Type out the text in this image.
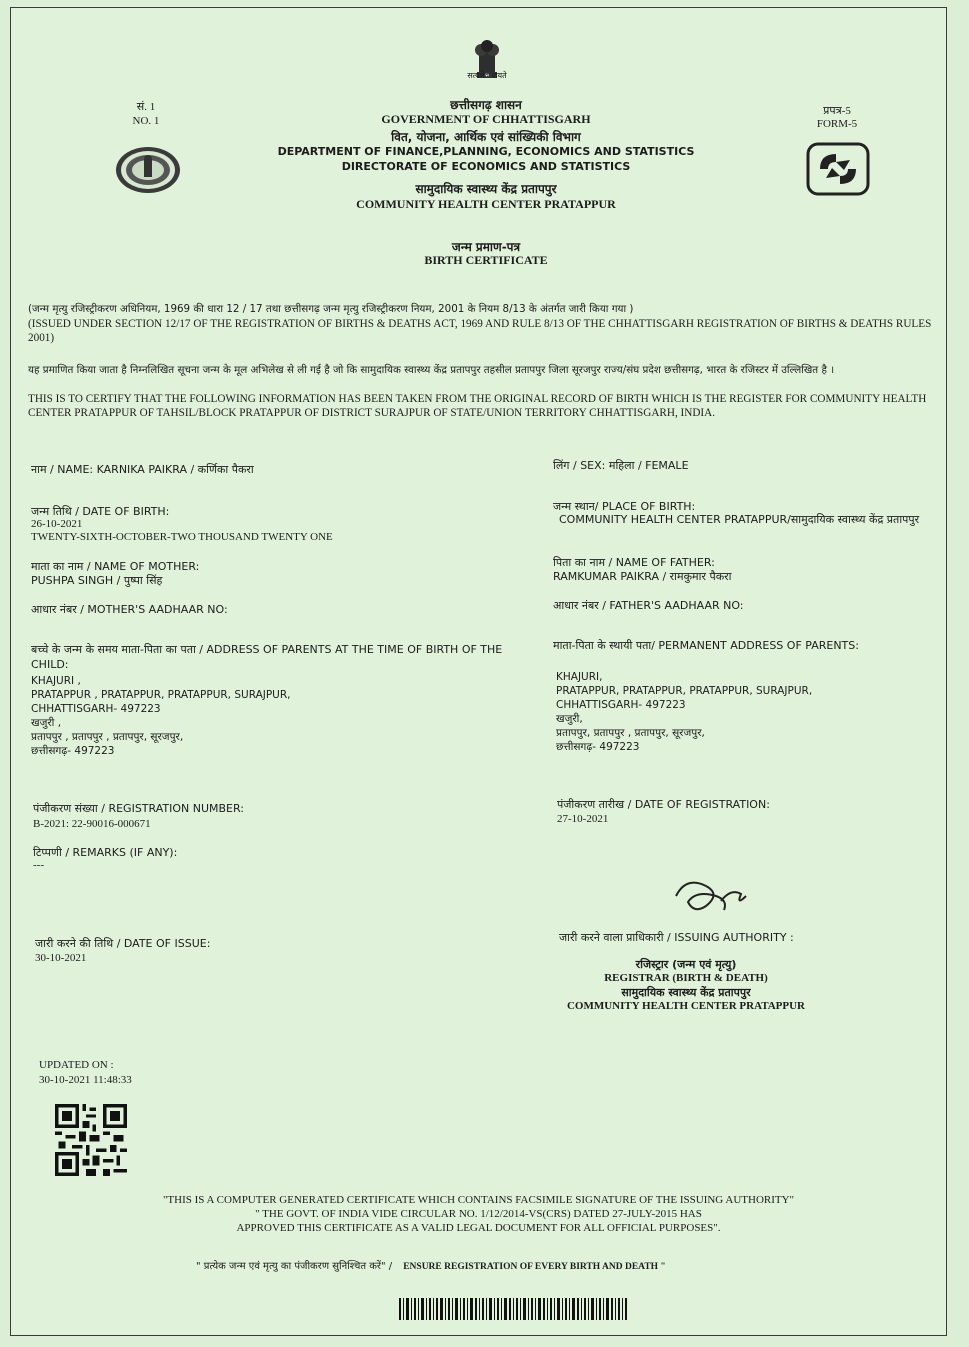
सत्यमेव जयते
सं. 1
NO. 1
प्रपत्र-5
FORM-5
छत्तीसगढ़ शासन
GOVERNMENT OF CHHATTISGARH
वित, योजना, आर्थिक एवं सांख्यिकी विभाग
DEPARTMENT OF FINANCE,PLANNING, ECONOMICS AND STATISTICS
DIRECTORATE OF ECONOMICS AND STATISTICS
सामुदायिक स्वास्थ्य केंद्र प्रतापपुर
COMMUNITY HEALTH CENTER PRATAPPUR
जन्म प्रमाण-पत्र
BIRTH CERTIFICATE
(जन्म मृत्यु रजिस्ट्रीकरण अधिनियम, 1969 की धारा 12 / 17 तथा छत्तीसगढ़ जन्म मृत्यु रजिस्ट्रीकरण नियम, 2001 के नियम 8/13 के अंतर्गत जारी किया गया )
(ISSUED UNDER SECTION 12/17 OF THE REGISTRATION OF BIRTHS & DEATHS ACT, 1969 AND RULE 8/13 OF THE CHHATTISGARH REGISTRATION OF BIRTHS & DEATHS RULES 2001)
यह प्रमाणित किया जाता है निम्नलिखित सूचना जन्म के मूल अभिलेख से ली गई है जो कि सामुदायिक स्वास्थ्य केंद्र प्रतापपुर तहसील प्रतापपुर जिला सूरजपुर राज्य/संघ प्रदेश छत्तीसगढ़, भारत के रजिस्टर में उल्लिखित है ।
THIS IS TO CERTIFY THAT THE FOLLOWING INFORMATION HAS BEEN TAKEN FROM THE ORIGINAL RECORD OF BIRTH WHICH IS THE REGISTER FOR COMMUNITY HEALTH CENTER PRATAPPUR OF TAHSIL/BLOCK PRATAPPUR OF DISTRICT SURAJPUR OF STATE/UNION TERRITORY CHHATTISGARH, INDIA.
नाम / NAME: KARNIKA PAIKRA / कर्णिका पैकरा
जन्म तिथि / DATE OF BIRTH:
26-10-2021
TWENTY-SIXTH-OCTOBER-TWO THOUSAND TWENTY ONE
माता का नाम / NAME OF MOTHER:
PUSHPA SINGH / पुष्पा सिंह
आधार नंबर / MOTHER'S AADHAAR NO:
बच्चे के जन्म के समय माता-पिता का पता / ADDRESS OF PARENTS AT THE TIME OF BIRTH OF THE CHILD:
KHAJURI ,
PRATAPPUR , PRATAPPUR, PRATAPPUR, SURAJPUR,
CHHATTISGARH- 497223
खजुरी ,
प्रतापपुर , प्रतापपुर , प्रतापपुर, सूरजपुर,
छत्तीसगढ़- 497223
पंजीकरण संख्या / REGISTRATION NUMBER:
B-2021: 22-90016-000671
टिप्पणी / REMARKS (IF ANY):
---
जारी करने की तिथि / DATE OF ISSUE:
30-10-2021
लिंग / SEX: महिला / FEMALE
जन्म स्थान/ PLACE OF BIRTH:
COMMUNITY HEALTH CENTER PRATAPPUR/सामुदायिक स्वास्थ्य केंद्र प्रतापपुर
पिता का नाम / NAME OF FATHER:
RAMKUMAR PAIKRA / रामकुमार पैकरा
आधार नंबर / FATHER'S AADHAAR NO:
माता-पिता के स्थायी पता/ PERMANENT ADDRESS OF PARENTS:
KHAJURI,
PRATAPPUR, PRATAPPUR, PRATAPPUR, SURAJPUR,
CHHATTISGARH- 497223
खजुरी,
प्रतापपुर, प्रतापपुर , प्रतापपुर, सूरजपुर,
छत्तीसगढ़- 497223
पंजीकरण तारीख / DATE OF REGISTRATION:
27-10-2021
जारी करने वाला प्राधिकारी / ISSUING AUTHORITY :
रजिस्ट्रार (जन्म एवं मृत्यु)
REGISTRAR (BIRTH & DEATH)
सामुदायिक स्वास्थ्य केंद्र प्रतापपुर
COMMUNITY HEALTH CENTER PRATAPPUR
UPDATED ON :
30-10-2021 11:48:33
"THIS IS A COMPUTER GENERATED CERTIFICATE WHICH CONTAINS FACSIMILE SIGNATURE OF THE ISSUING AUTHORITY"
" THE GOVT. OF INDIA VIDE CIRCULAR NO. 1/12/2014-VS(CRS) DATED 27-JULY-2015 HAS
APPROVED THIS CERTIFICATE AS A VALID LEGAL DOCUMENT FOR ALL OFFICIAL PURPOSES".
" प्रत्येक जन्म एवं मृत्यु का पंजीकरण सुनिश्चित करें" / ENSURE REGISTRATION OF EVERY BIRTH AND DEATH "
